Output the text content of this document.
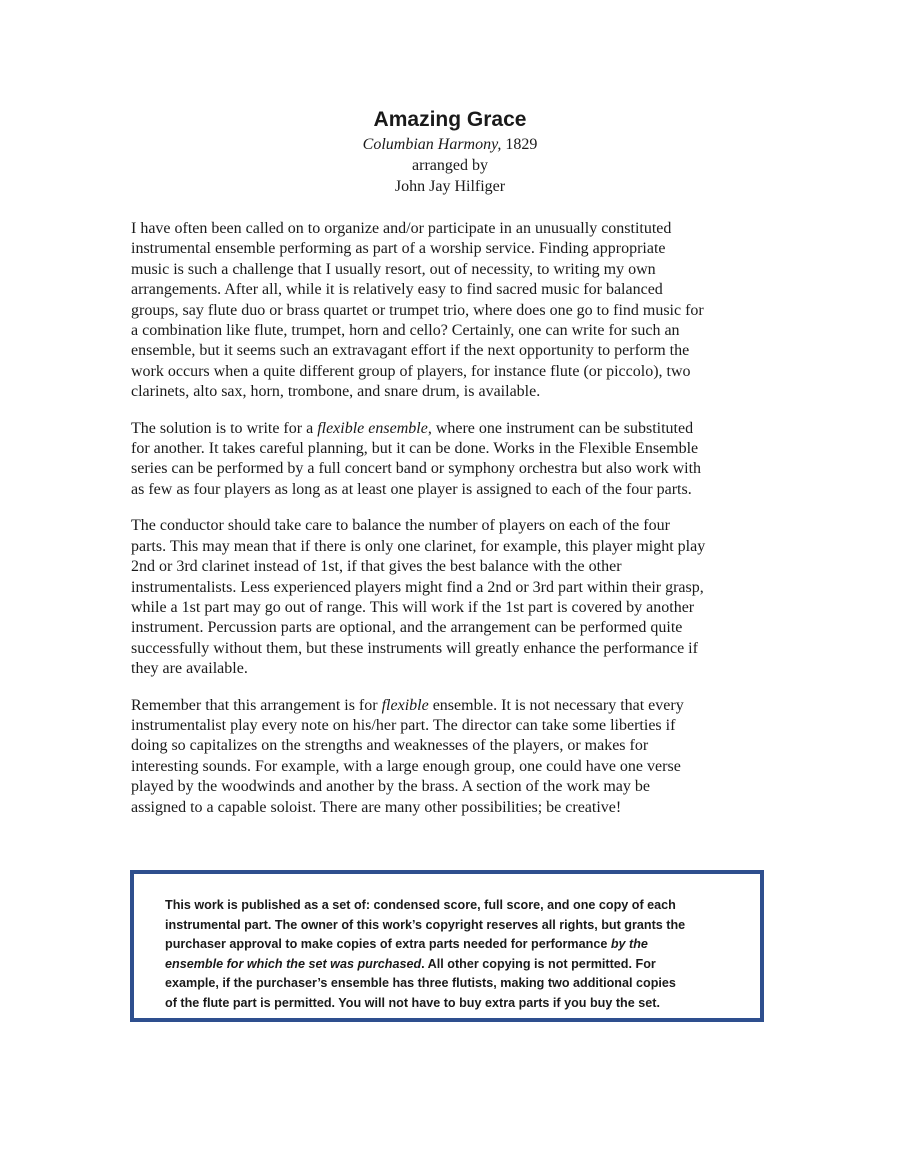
Amazing Grace
Columbian Harmony, 1829
arranged by
John Jay Hilfiger

I have often been called on to organize and/or participate in an unusually constituted
instrumental ensemble performing as part of a worship service. Finding appropriate
music is such a challenge that I usually resort, out of necessity, to writing my own
arrangements. After all, while it is relatively easy to find sacred music for balanced
groups, say flute duo or brass quartet or trumpet trio, where does one go to find music for
a combination like flute, trumpet, horn and cello? Certainly, one can write for such an
ensemble, but it seems such an extravagant effort if the next opportunity to perform the
work occurs when a quite different group of players, for instance flute (or piccolo), two
clarinets, alto sax, horn, trombone, and snare drum, is available.

The solution is to write for a flexible ensemble, where one instrument can be substituted
for another. It takes careful planning, but it can be done. Works in the Flexible Ensemble
series can be performed by a full concert band or symphony orchestra but also work with
as few as four players as long as at least one player is assigned to each of the four parts.

The conductor should take care to balance the number of players on each of the four
parts. This may mean that if there is only one clarinet, for example, this player might play
2nd or 3rd clarinet instead of 1st, if that gives the best balance with the other
instrumentalists. Less experienced players might find a 2nd or 3rd part within their grasp,
while a 1st part may go out of range. This will work if the 1st part is covered by another
instrument. Percussion parts are optional, and the arrangement can be performed quite
successfully without them, but these instruments will greatly enhance the performance if
they are available.

Remember that this arrangement is for flexible ensemble. It is not necessary that every
instrumentalist play every note on his/her part. The director can take some liberties if
doing so capitalizes on the strengths and weaknesses of the players, or makes for
interesting sounds. For example, with a large enough group, one could have one verse
played by the woodwinds and another by the brass. A section of the work may be
assigned to a capable soloist. There are many other possibilities; be creative!

This work is published as a set of: condensed score, full score, and one copy of each
instrumental part. The owner of this work’s copyright reserves all rights, but grants the
purchaser approval to make copies of extra parts needed for performance by the
ensemble for which the set was purchased. All other copying is not permitted. For
example, if the purchaser’s ensemble has three flutists, making two additional copies
of the flute part is permitted. You will not have to buy extra parts if you buy the set.
